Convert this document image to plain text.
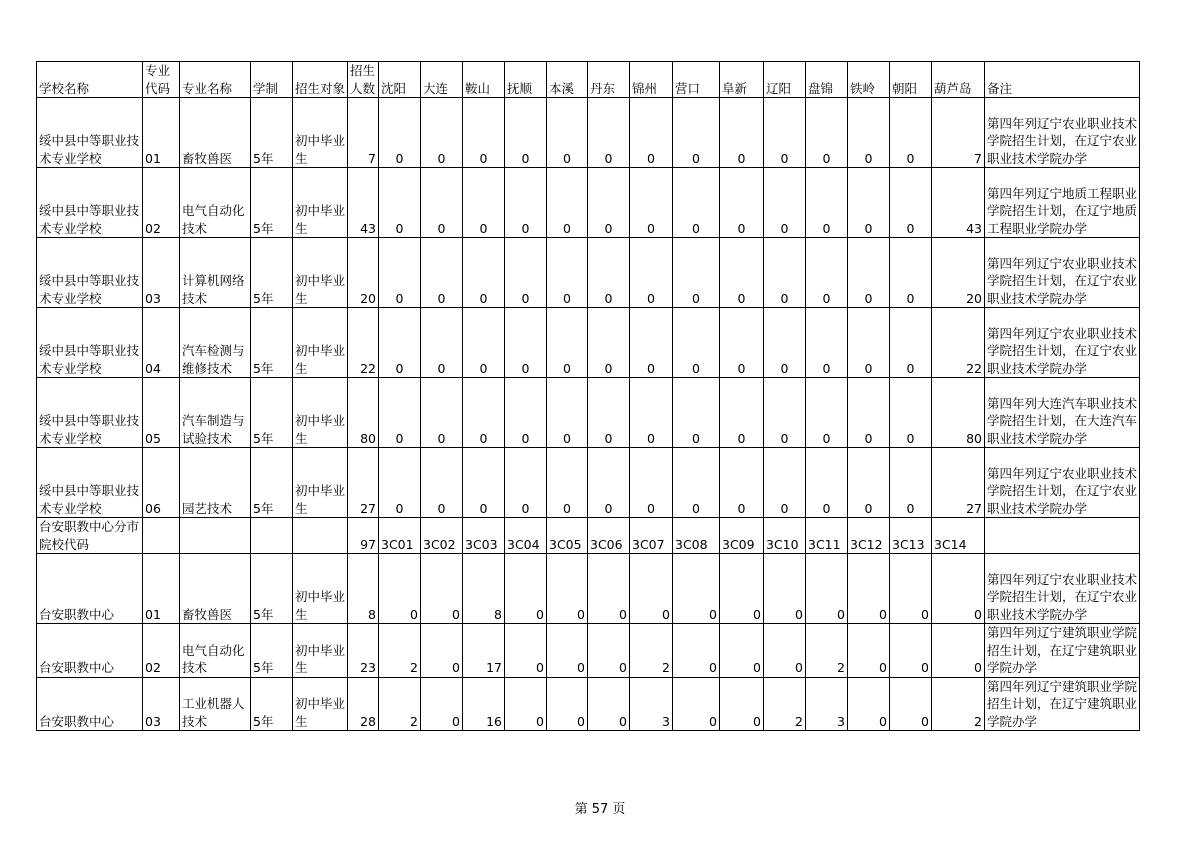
学校名称	专业代码	专业名称	学制	招生对象	招生人数	沈阳	大连	鞍山	抚顺	本溪	丹东	锦州	营口	阜新	辽阳	盘锦	铁岭	朝阳	葫芦岛	备注
绥中县中等职业技术专业学校	01	畜牧兽医	5年	初中毕业生	7	0	0	0	0	0	0	0	0	0	0	0	0	0	7	第四年列辽宁农业职业技术学院招生计划，在辽宁农业职业技术学院办学
绥中县中等职业技术专业学校	02	电气自动化技术	5年	初中毕业生	43	0	0	0	0	0	0	0	0	0	0	0	0	0	43	第四年列辽宁地质工程职业学院招生计划，在辽宁地质工程职业学院办学
绥中县中等职业技术专业学校	03	计算机网络技术	5年	初中毕业生	20	0	0	0	0	0	0	0	0	0	0	0	0	0	20	第四年列辽宁农业职业技术学院招生计划，在辽宁农业职业技术学院办学
绥中县中等职业技术专业学校	04	汽车检测与维修技术	5年	初中毕业生	22	0	0	0	0	0	0	0	0	0	0	0	0	0	22	第四年列辽宁农业职业技术学院招生计划，在辽宁农业职业技术学院办学
绥中县中等职业技术专业学校	05	汽车制造与试验技术	5年	初中毕业生	80	0	0	0	0	0	0	0	0	0	0	0	0	0	80	第四年列大连汽车职业技术学院招生计划，在大连汽车职业技术学院办学
绥中县中等职业技术专业学校	06	园艺技术	5年	初中毕业生	27	0	0	0	0	0	0	0	0	0	0	0	0	0	27	第四年列辽宁农业职业技术学院招生计划，在辽宁农业职业技术学院办学
台安职教中心分市院校代码					97	3C01	3C02	3C03	3C04	3C05	3C06	3C07	3C08	3C09	3C10	3C11	3C12	3C13	3C14	
台安职教中心	01	畜牧兽医	5年	初中毕业生	8	0	0	8	0	0	0	0	0	0	0	0	0	0	0	第四年列辽宁农业职业技术学院招生计划，在辽宁农业职业技术学院办学
台安职教中心	02	电气自动化技术	5年	初中毕业生	23	2	0	17	0	0	0	2	0	0	0	2	0	0	0	第四年列辽宁建筑职业学院招生计划，在辽宁建筑职业学院办学
台安职教中心	03	工业机器人技术	5年	初中毕业生	28	2	0	16	0	0	0	3	0	0	2	3	0	0	2	第四年列辽宁建筑职业学院招生计划，在辽宁建筑职业学院办学
第 57 页
